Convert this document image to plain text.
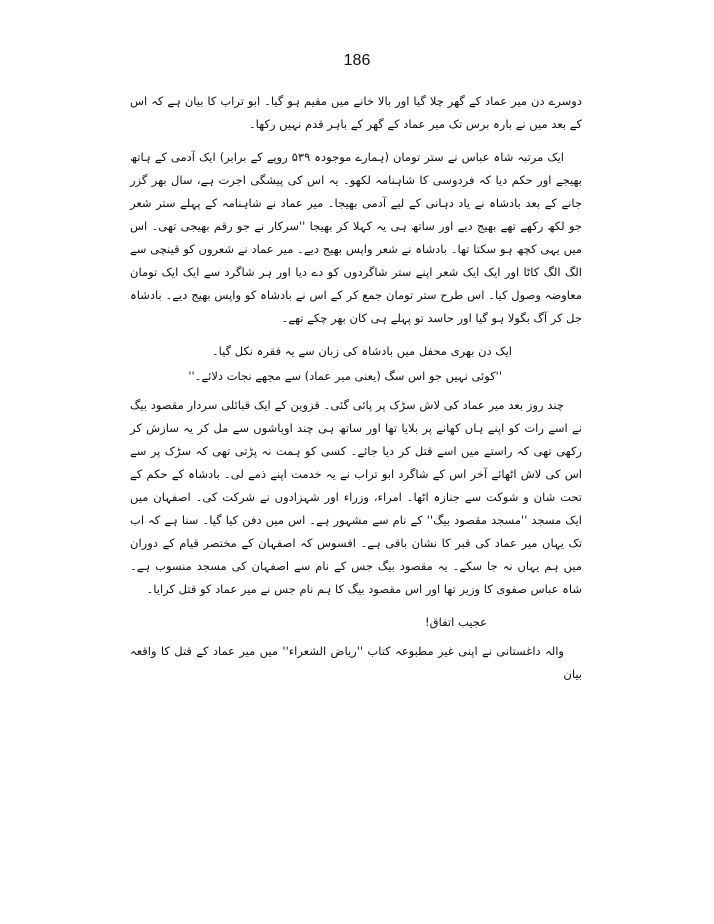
186

دوسرے دن میر عماد کے گھر چلا گیا اور بالا خانے میں مقیم ہو گیا۔ ابو تراب کا بیان ہے کہ اس کے بعد میں نے بارہ برس تک میر عماد کے گھر کے باہر قدم نہیں رکھا۔

ایک مرتبہ شاہ عباس نے ستر تومان (ہمارے موجودہ ۵۳۹ روپے کے برابر) ایک آدمی کے ہاتھ بھیجے اور حکم دیا کہ فردوسی کا شاہنامہ لکھو۔ یہ اس کی پیشگی اجرت ہے، سال بھر گزر جانے کے بعد بادشاہ نے یاد دہانی کے لیے آدمی بھیجا۔ میر عماد نے شاہنامہ کے پہلے ستر شعر جو لکھ رکھے تھے بھیج دیے اور ساتھ ہی یہ کہلا کر بھیجا ''سرکار نے جو رقم بھیجی تھی۔ اس میں یہی کچھ ہو سکتا تھا۔ بادشاہ نے شعر واپس بھیج دیے۔ میر عماد نے شعروں کو قینچی سے الگ الگ کاٹا اور ایک ایک شعر اپنے ستر شاگردوں کو دے دیا اور ہر شاگرد سے ایک ایک تومان معاوضہ وصول کیا۔ اس طرح ستر تومان جمع کر کے اس نے بادشاہ کو واپس بھیج دیے۔ بادشاہ جل کر آگ بگولا ہو گیا اور حاسد تو پہلے ہی کان بھر چکے تھے۔

ایک دن بھری محفل میں بادشاہ کی زبان سے یہ فقرہ نکل گیا۔

''کوئی نہیں جو اس سگ (یعنی میر عماد) سے مجھے نجات دلائے۔''

چند روز بعد میر عماد کی لاش سڑک پر پائی گئی۔ قزوین کے ایک قبائلی سردار مقصود بیگ نے اسے رات کو اپنے ہاں کھانے پر بلایا تھا اور ساتھ ہی چند اوباشوں سے مل کر یہ سازش کر رکھی تھی کہ راستے میں اسے قتل کر دیا جائے۔ کسی کو ہمت نہ پڑتی تھی کہ سڑک پر سے اس کی لاش اٹھائے آخر اس کے شاگرد ابو تراب نے یہ خدمت اپنے ذمے لی۔ بادشاہ کے حکم کے تحت شان و شوکت سے جنازہ اٹھا۔ امراء، وزراء اور شہزادوں نے شرکت کی۔ اصفہان میں ایک مسجد ''مسجد مقصود بیگ'' کے نام سے مشہور ہے۔ اس میں دفن کیا گیا۔ سنا ہے کہ اب تک یہاں میر عماد کی قبر کا نشان باقی ہے۔ افسوس کہ اصفہان کے مختصر قیام کے دوران میں ہم یہاں نہ جا سکے۔ یہ مقصود بیگ جس کے نام سے اصفہان کی مسجد منسوب ہے۔ شاہ عباس صفوی کا وزیر تھا اور اس مقصود بیگ کا ہم نام جس نے میر عماد کو قتل کرایا۔

عجیب اتفاق!

والہ داغستانی نے اپنی غیر مطبوعہ کتاب ''ریاض الشعراء'' میں میر عماد کے قتل کا واقعہ بیان
